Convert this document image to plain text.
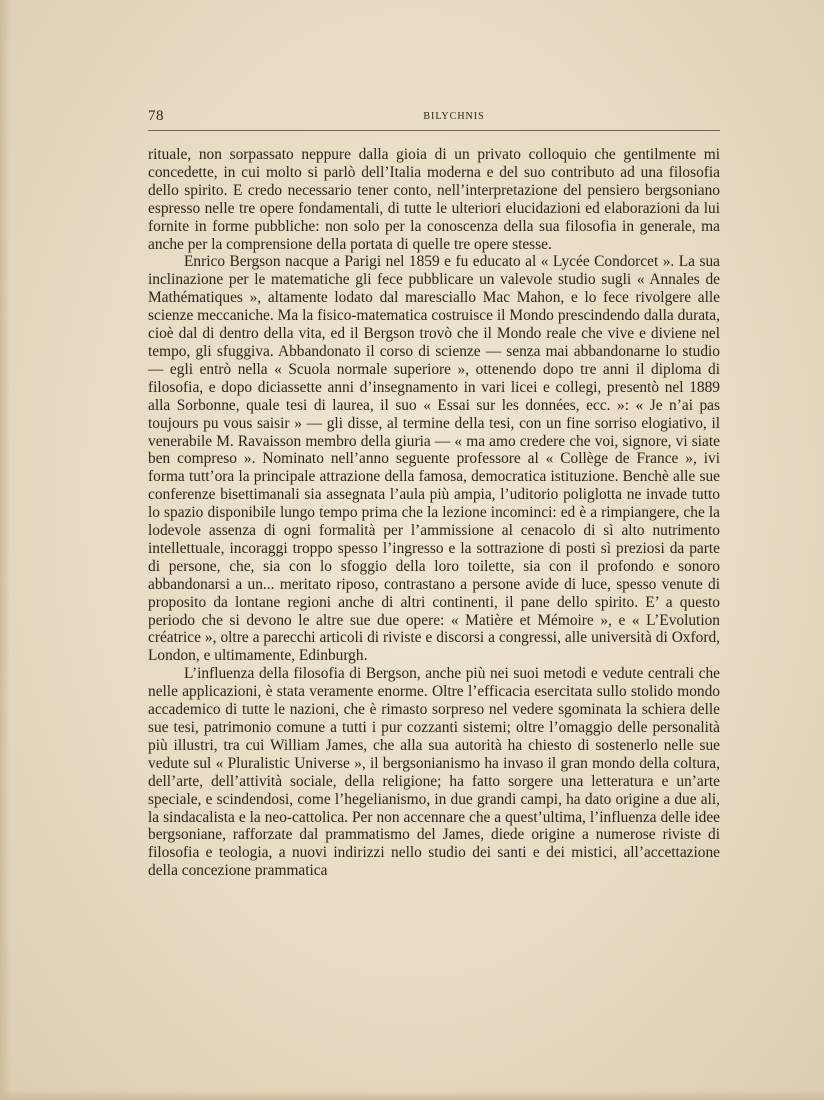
78	BILYCHNIS

rituale, non sorpassato neppure dalla gioia di un privato colloquio che gentilmente mi concedette, in cui molto si parlò dell’Italia moderna e del suo contributo ad una filosofia dello spirito. E credo necessario tener conto, nell’interpretazione del pensiero bergsoniano espresso nelle tre opere fondamentali, di tutte le ulteriori elucidazioni ed elaborazioni da lui fornite in forme pubbliche: non solo per la conoscenza della sua filosofia in generale, ma anche per la comprensione della portata di quelle tre opere stesse.

Enrico Bergson nacque a Parigi nel 1859 e fu educato al « Lycée Condorcet ». La sua inclinazione per le matematiche gli fece pubblicare un valevole studio sugli « Annales de Mathématiques », altamente lodato dal maresciallo Mac Mahon, e lo fece rivolgere alle scienze meccaniche. Ma la fisico-matematica costruisce il Mondo prescindendo dalla durata, cioè dal di dentro della vita, ed il Bergson trovò che il Mondo reale che vive e diviene nel tempo, gli sfuggiva. Abbandonato il corso di scienze — senza mai abbandonarne lo studio — egli entrò nella « Scuola normale superiore », ottenendo dopo tre anni il diploma di filosofia, e dopo diciassette anni d’insegnamento in vari licei e collegi, presentò nel 1889 alla Sorbonne, quale tesi di laurea, il suo « Essai sur les données, ecc. »: « Je n’ai pas toujours pu vous saisir » — gli disse, al termine della tesi, con un fine sorriso elogiativo, il venerabile M. Ravaisson membro della giuria — « ma amo credere che voi, signore, vi siate ben compreso ». Nominato nell’anno seguente professore al « Collège de France », ivi forma tutt’ora la principale attrazione della famosa, democratica istituzione. Benchè alle sue conferenze bisettimanali sia assegnata l’aula più ampia, l’uditorio poliglotta ne invade tutto lo spazio disponibile lungo tempo prima che la lezione incominci: ed è a rimpiangere, che la lodevole assenza di ogni formalità per l’ammissione al cenacolo di sì alto nutrimento intellettuale, incoraggi troppo spesso l’ingresso e la sottrazione di posti sì preziosi da parte di persone, che, sia con lo sfoggio della loro toilette, sia con il profondo e sonoro abbandonarsi a un... meritato riposo, contrastano a persone avide di luce, spesso venute di proposito da lontane regioni anche di altri continenti, il pane dello spirito. E’ a questo periodo che si devono le altre sue due opere: « Matière et Mémoire », e « L’Evolution créatrice », oltre a parecchi articoli di riviste e discorsi a congressi, alle università di Oxford, London, e ultimamente, Edinburgh.

L’influenza della filosofia di Bergson, anche più nei suoi metodi e vedute centrali che nelle applicazioni, è stata veramente enorme. Oltre l’efficacia esercitata sullo stolido mondo accademico di tutte le nazioni, che è rimasto sorpreso nel vedere sgominata la schiera delle sue tesi, patrimonio comune a tutti i pur cozzanti sistemi; oltre l’omaggio delle personalità più illustri, tra cui William James, che alla sua autorità ha chiesto di sostenerlo nelle sue vedute sul « Pluralistic Universe », il bergsonianismo ha invaso il gran mondo della coltura, dell’arte, dell’attività sociale, della religione; ha fatto sorgere una letteratura e un’arte speciale, e scindendosi, come l’hegelianismo, in due grandi campi, ha dato origine a due ali, la sindacalista e la neo-cattolica. Per non accennare che a quest’ultima, l’influenza delle idee bergsoniane, rafforzate dal prammatismo del James, diede origine a numerose riviste di filosofia e teologia, a nuovi indirizzi nello studio dei santi e dei mistici, all’accettazione della concezione prammatica
